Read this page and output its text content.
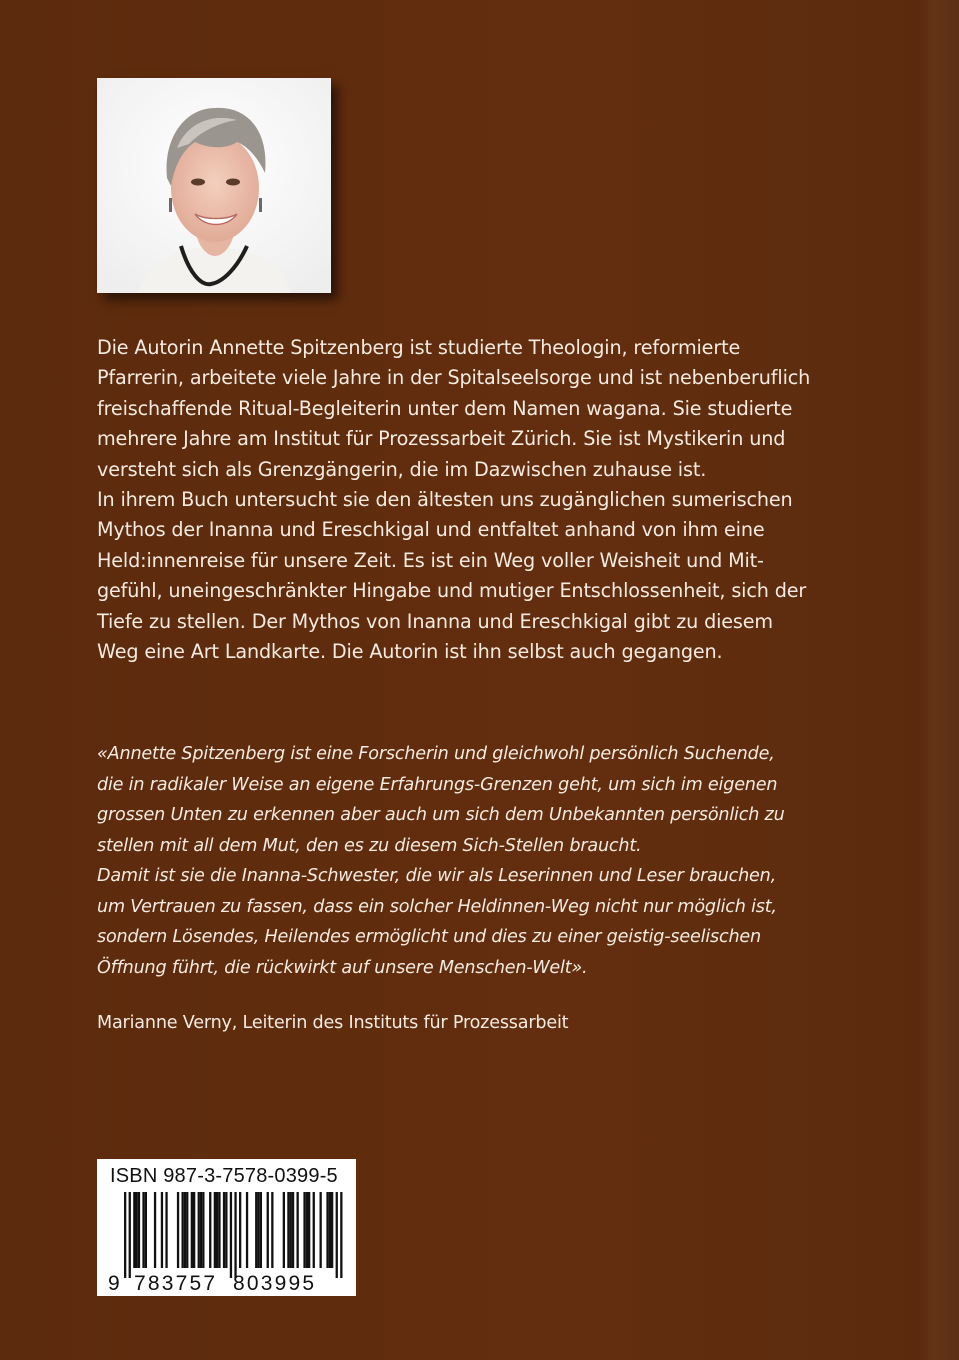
Die Autorin Annette Spitzenberg ist studierte Theologin, reformierte

Pfarrerin, arbeitete viele Jahre in der Spitalseelsorge und ist nebenberuflich

freischaffende Ritual-Begleiterin unter dem Namen wagana. Sie studierte

mehrere Jahre am Institut für Prozessarbeit Zürich. Sie ist Mystikerin und

versteht sich als Grenzgängerin, die im Dazwischen zuhause ist.

In ihrem Buch untersucht sie den ältesten uns zugänglichen sumerischen

Mythos der Inanna und Ereschkigal und entfaltet anhand von ihm eine

Held:innenreise für unsere Zeit. Es ist ein Weg voller Weisheit und Mit-

gefühl, uneingeschränkter Hingabe und mutiger Entschlossenheit, sich der

Tiefe zu stellen. Der Mythos von Inanna und Ereschkigal gibt zu diesem

Weg eine Art Landkarte. Die Autorin ist ihn selbst auch gegangen.

«Annette Spitzenberg ist eine Forscherin und gleichwohl persönlich Suchende,

die in radikaler Weise an eigene Erfahrungs-Grenzen geht, um sich im eigenen

grossen Unten zu erkennen aber auch um sich dem Unbekannten persönlich zu

stellen mit all dem Mut, den es zu diesem Sich-Stellen braucht.

Damit ist sie die Inanna-Schwester, die wir als Leserinnen und Leser brauchen,

um Vertrauen zu fassen, dass ein solcher Heldinnen-Weg nicht nur möglich ist,

sondern Lösendes, Heilendes ermöglicht und dies zu einer geistig-seelischen

Öffnung führt, die rückwirkt auf unsere Menschen-Welt».

Marianne Verny, Leiterin des Instituts für Prozessarbeit

ISBN 987-3-7578-0399-5
9 783757 803995
